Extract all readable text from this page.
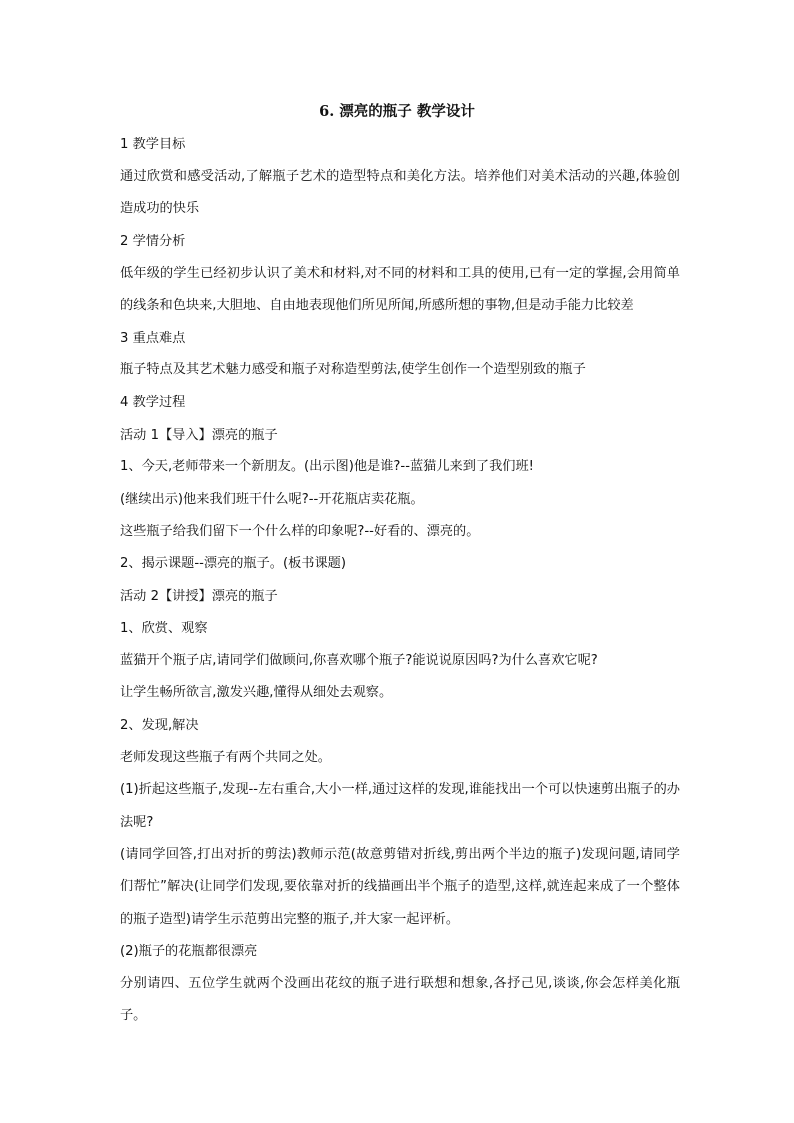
6. 漂亮的瓶子 教学设计
1 教学目标
通过欣赏和感受活动,了解瓶子艺术的造型特点和美化方法。培养他们对美术活动的兴趣,体验创造成功的快乐
2 学情分析
低年级的学生已经初步认识了美术和材料,对不同的材料和工具的使用,已有一定的掌握,会用简单的线条和色块来,大胆地、自由地表现他们所见所闻,所感所想的事物,但是动手能力比较差
3 重点难点
瓶子特点及其艺术魅力感受和瓶子对称造型剪法,使学生创作一个造型别致的瓶子
4 教学过程
活动 1【导入】漂亮的瓶子
1、今天,老师带来一个新朋友。(出示图)他是谁?--蓝猫儿来到了我们班!
(继续出示)他来我们班干什么呢?--开花瓶店卖花瓶。
这些瓶子给我们留下一个什么样的印象呢?--好看的、漂亮的。
2、揭示课题--漂亮的瓶子。(板书课题)
活动 2【讲授】漂亮的瓶子
1、欣赏、观察
蓝猫开个瓶子店,请同学们做顾问,你喜欢哪个瓶子?能说说原因吗?为什么喜欢它呢?
让学生畅所欲言,激发兴趣,懂得从细处去观察。
2、发现,解决
老师发现这些瓶子有两个共同之处。
(1)折起这些瓶子,发现--左右重合,大小一样,通过这样的发现,谁能找出一个可以快速剪出瓶子的办法呢?
(请同学回答,打出对折的剪法)教师示范(故意剪错对折线,剪出两个半边的瓶子)发现问题,请同学们帮忙”解决(让同学们发现,要依靠对折的线描画出半个瓶子的造型,这样,就连起来成了一个整体的瓶子造型)请学生示范剪出完整的瓶子,并大家一起评析。
(2)瓶子的花瓶都很漂亮
分别请四、五位学生就两个没画出花纹的瓶子进行联想和想象,各抒己见,谈谈,你会怎样美化瓶子。
